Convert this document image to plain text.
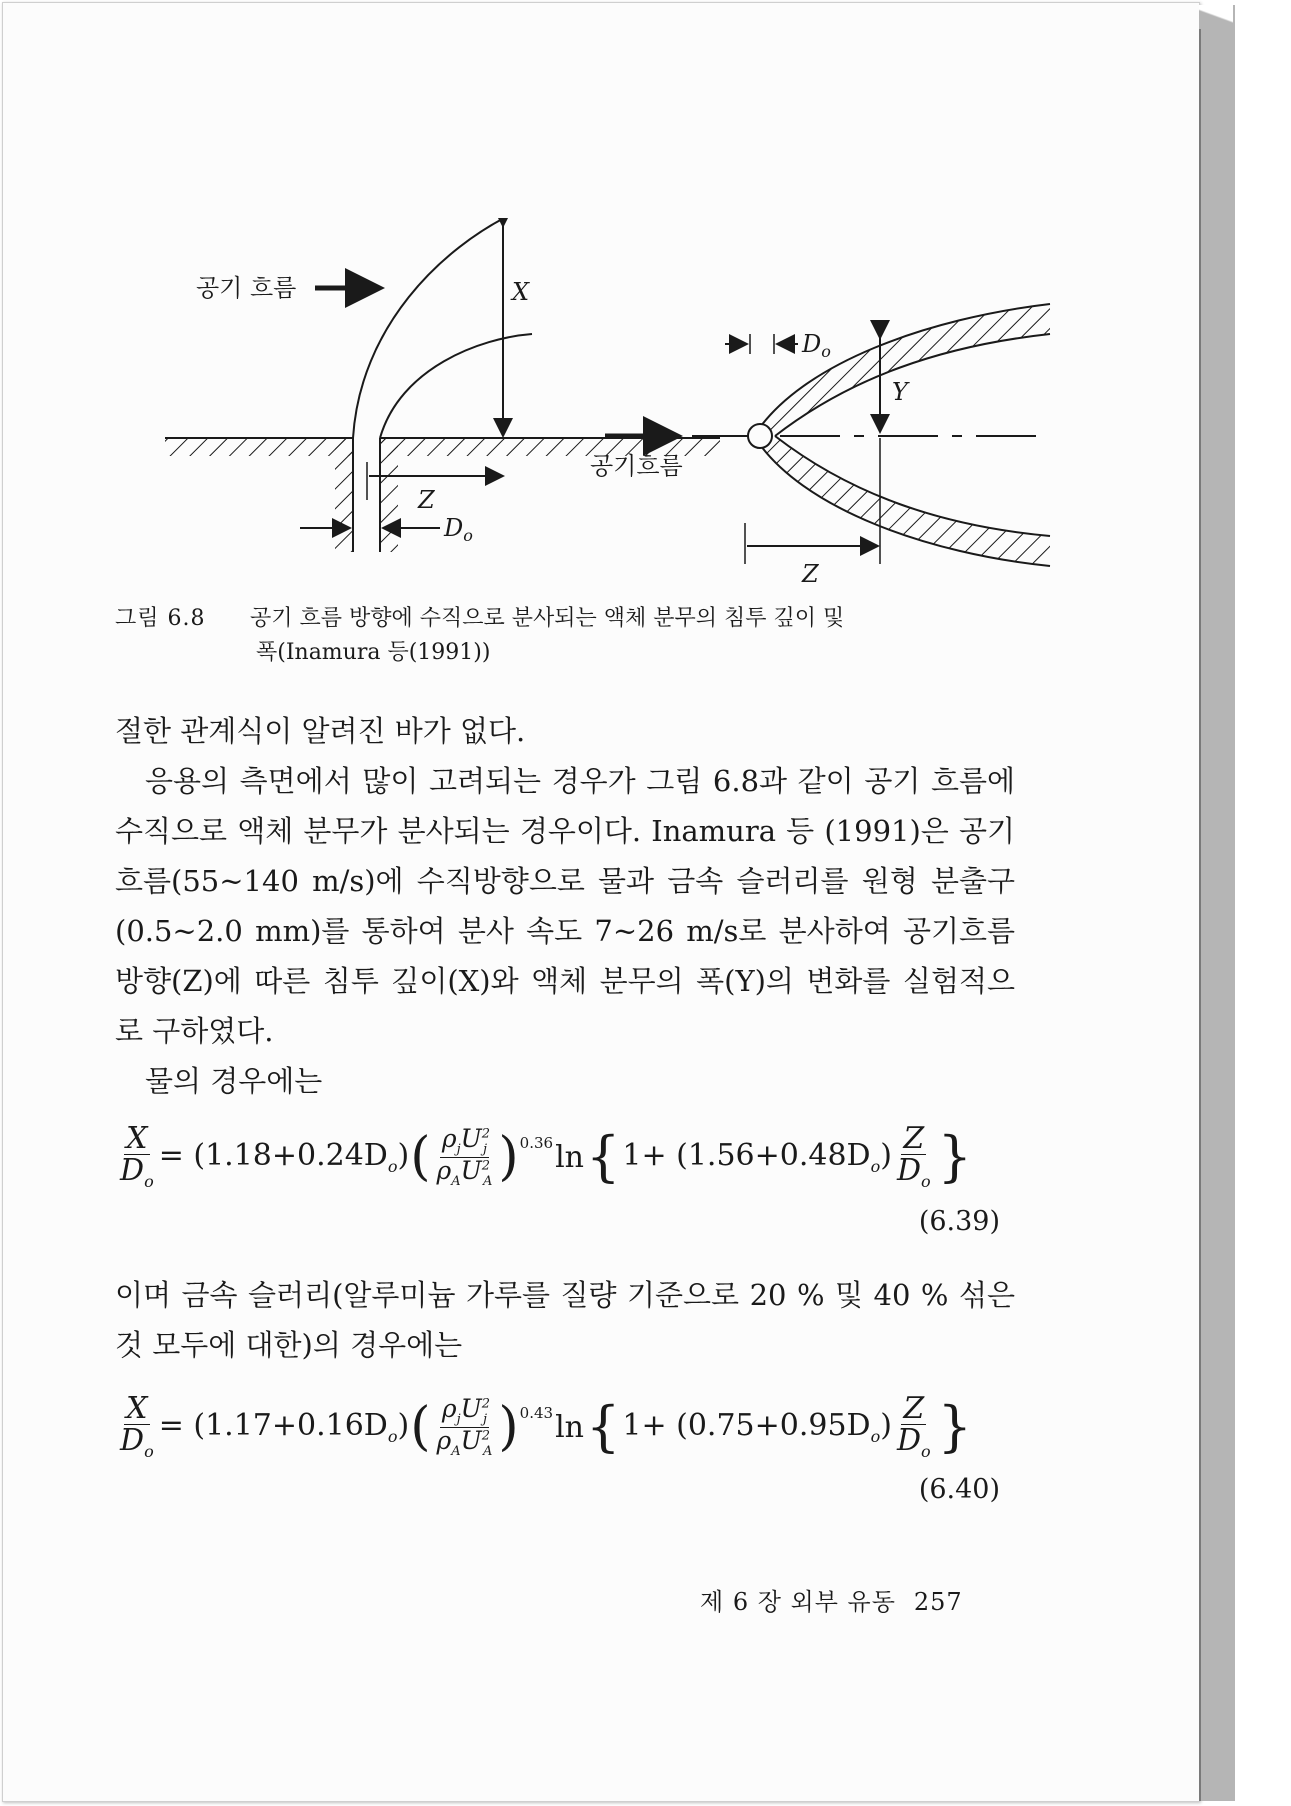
공기 흐름	X
Z
$D_o$
공기흐름
$D_o$
Y
Z
그림 6.8 공기 흐름 방향에 수직으로 분사되는 액체 분무의 침투 깊이 및
폭(Inamura 등(1991))
절한 관계식이 알려진 바가 없다.
응용의 측면에서 많이 고려되는 경우가 그림 6.8과 같이 공기 흐름에 수직으로 액체 분무가 분사되는 경우이다. Inamura 등 (1991)은 공기 흐름(55~140 m/s)에 수직방향으로 물과 금속 슬러리를 원형 분출구(0.5~2.0 mm)를 통하여 분사 속도 7~26 m/s로 분사하여 공기흐름 방향(Z)에 따른 침투 깊이(X)와 액체 분무의 폭(Y)의 변화를 실험적으로 구하였다.
물의 경우에는
$\frac{X}{D_o} = (1.18+0.24D_o)$ ( $\frac{\rho_jU^2_j}{\rho_AU^2_A} )^{0.36}$ ln { $1+ (1.56+0.48D_o) \frac{Z}{D_o}$ }
(6.39)
이며 금속 슬러리(알루미늄 가루를 질량 기준으로 20 % 및 40 % 섞은 것 모두에 대한)의 경우에는
$\frac{X}{D_o} = (1.17+0.16D_o)$ ( $\frac{\rho_jU^2_j}{\rho_AU^2_A} )^{0.43}$ ln { $1+ (0.75+0.95D_o) \frac{Z}{D_o}$ }
(6.40)
제 6 장 외부 유동 257
